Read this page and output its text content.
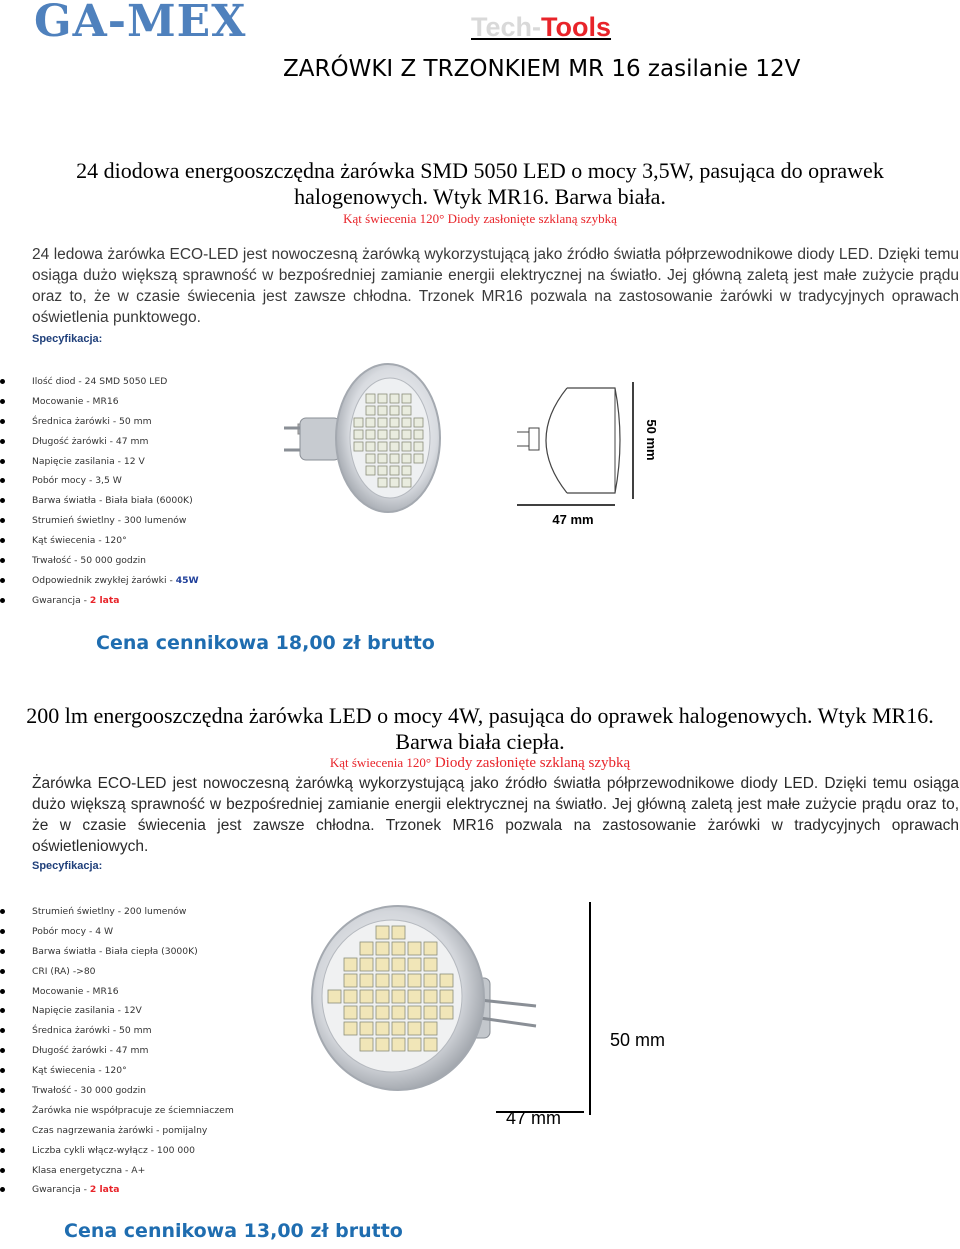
GA-MEX	Tech-Tools
ZARÓWKI Z TRZONKIEM MR 16 zasilanie 12V
24 diodowa energooszczędna żarówka SMD 5050 LED o mocy 3,5W, pasująca do oprawek halogenowych. Wtyk MR16. Barwa biała.
Kąt świecenia 120° Diody zasłonięte szklaną szybką
24 ledowa żarówka ECO-LED jest nowoczesną żarówką wykorzystującą jako źródło światła półprzewodnikowe diody LED. Dzięki temu osiąga dużo większą sprawność w bezpośredniej zamianie energii elektrycznej na światło. Jej główną zaletą jest małe zużycie prądu oraz to, że w czasie świecenia jest zawsze chłodna. Trzonek MR16 pozwala na zastosowanie żarówki w tradycyjnych oprawach oświetlenia punktowego.
Specyfikacja:
Ilość diod - 24 SMD 5050 LED
Mocowanie - MR16
Średnica żarówki - 50 mm
Długość żarówki - 47 mm
Napięcie zasilania - 12 V
Pobór mocy - 3,5 W
Barwa światła - Biała biała (6000K)
Strumień świetlny - 300 lumenów
Kąt świecenia - 120°
Trwałość - 50 000 godzin
Odpowiednik zwykłej żarówki - 45W
Gwarancja - 2 lata
50 mm
47 mm
Cena cennikowa 18,00 zł brutto
200 lm energooszczędna żarówka LED o mocy 4W, pasująca do oprawek halogenowych. Wtyk MR16. Barwa biała ciepła.
Kąt świecenia 120° Diody zasłonięte szklaną szybką
Żarówka ECO-LED jest nowoczesną żarówką wykorzystującą jako źródło światła półprzewodnikowe diody LED. Dzięki temu osiąga dużo większą sprawność w bezpośredniej zamianie energii elektrycznej na światło. Jej główną zaletą jest małe zużycie prądu oraz to, że w czasie świecenia jest zawsze chłodna. Trzonek MR16 pozwala na zastosowanie żarówki w tradycyjnych oprawach oświetleniowych.
Specyfikacja:
Strumień świetlny - 200 lumenów
Pobór mocy - 4 W
Barwa światła - Biała ciepła (3000K)
CRI (RA) ->80
Mocowanie - MR16
Napięcie zasilania - 12V
Średnica żarówki - 50 mm
Długość żarówki - 47 mm
Kąt świecenia - 120°
Trwałość - 30 000 godzin
Żarówka nie współpracuje ze ściemniaczem
Czas nagrzewania żarówki - pomijalny
Liczba cykli włącz-wyłącz - 100 000
Klasa energetyczna - A+
Gwarancja - 2 lata
50 mm
47 mm
Cena cennikowa 13,00 zł brutto
